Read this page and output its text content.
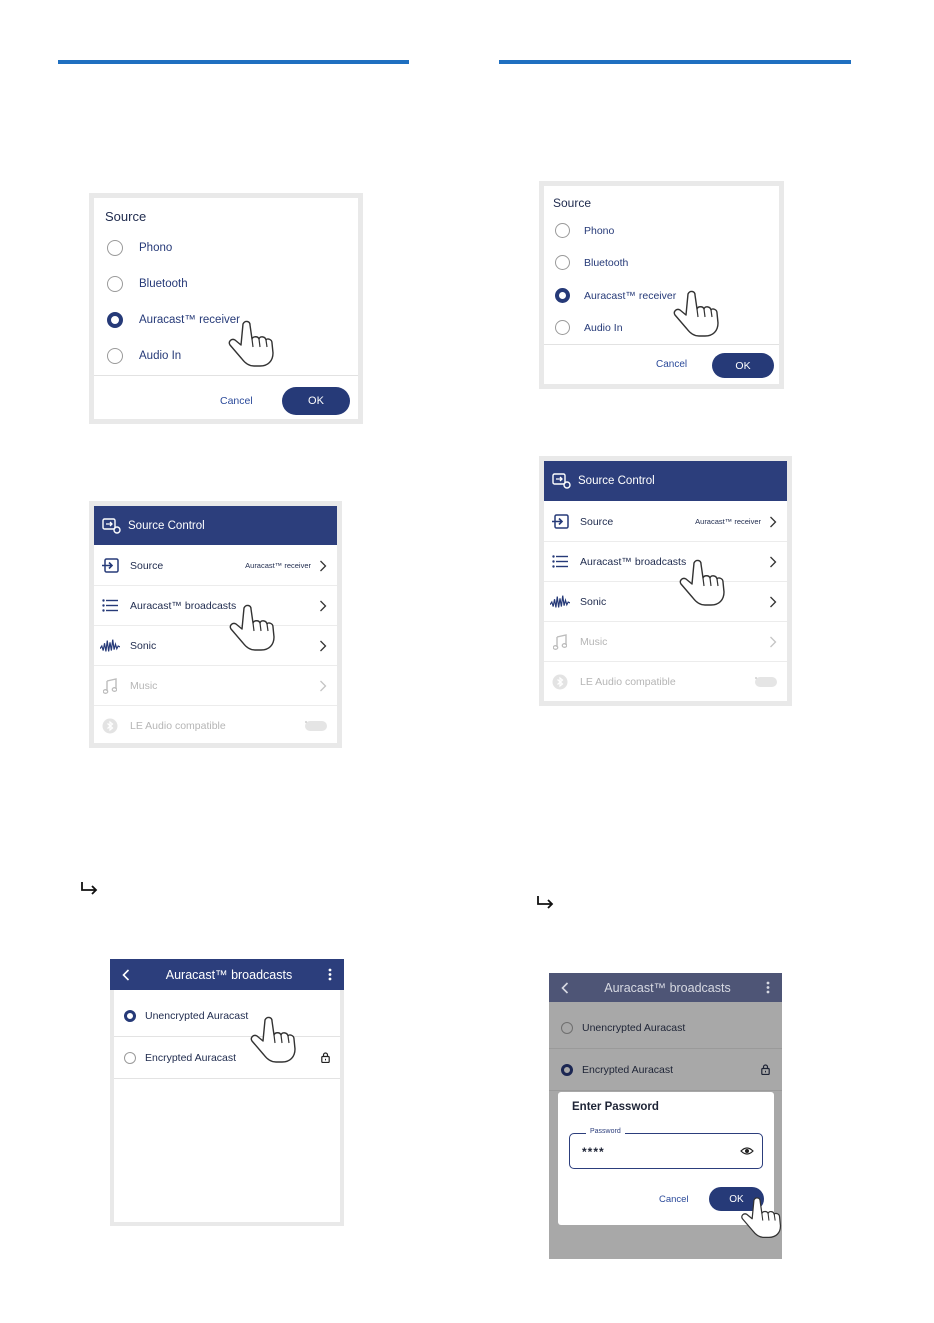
Source
Phono
Bluetooth
Auracast™ receiver
Audio In
Cancel	OK
Source
Phono
Bluetooth
Auracast™ receiver
Audio In
Cancel	OK
Source Control
Source	Auracast™ receiver
Auracast™ broadcasts
Sonic
Music
LE Audio compatible
Source Control
Source	Auracast™ receiver
Auracast™ broadcasts
Sonic
Music
LE Audio compatible
Auracast™ broadcasts
Unencrypted Auracast
Encrypted Auracast
Auracast™ broadcasts
Unencrypted Auracast
Encrypted Auracast
Enter Password
Password
****
Cancel	OK
